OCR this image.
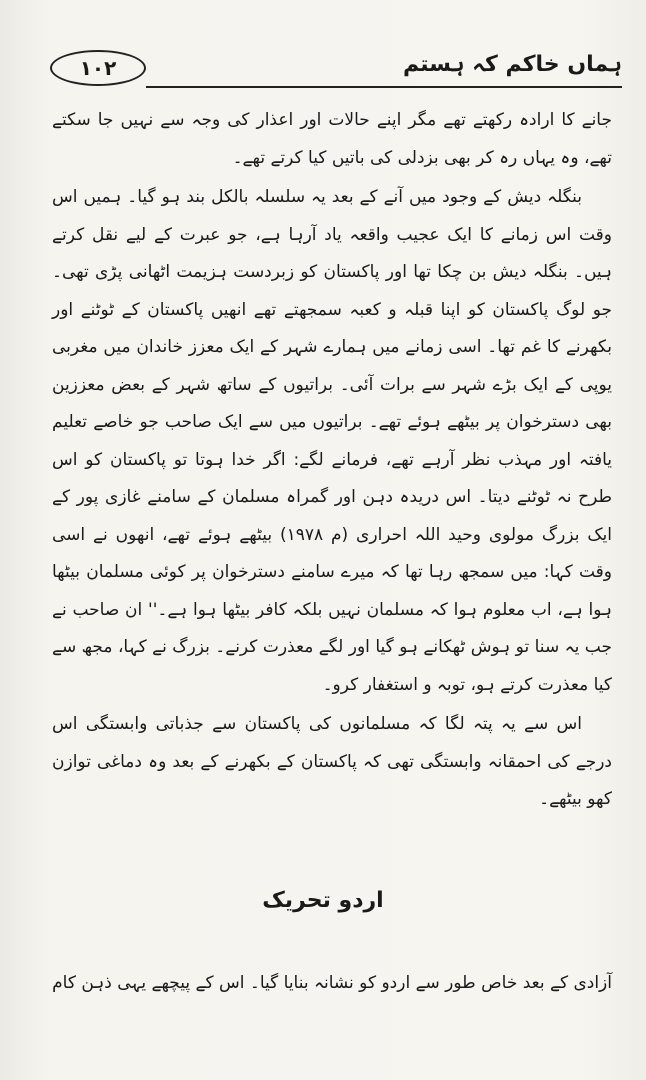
۱۰۲	ہماں خاکم کہ ہستم

جانے کا ارادہ رکھتے تھے مگر اپنے حالات اور اعذار کی وجہ سے نہیں جا سکتے تھے، وہ یہاں رہ کر بھی بزدلی کی باتیں کیا کرتے تھے۔

بنگلہ دیش کے وجود میں آنے کے بعد یہ سلسلہ بالکل بند ہو گیا۔ ہمیں اس وقت اس زمانے کا ایک عجیب واقعہ یاد آرہا ہے، جو عبرت کے لیے نقل کرتے ہیں۔ بنگلہ دیش بن چکا تھا اور پاکستان کو زبردست ہزیمت اٹھانی پڑی تھی۔ جو لوگ پاکستان کو اپنا قبلہ و کعبہ سمجھتے تھے انھیں پاکستان کے ٹوٹنے اور بکھرنے کا غم تھا۔ اسی زمانے میں ہمارے شہر کے ایک معزز خاندان میں مغربی یوپی کے ایک بڑے شہر سے برات آئی۔ براتیوں کے ساتھ شہر کے بعض معززین بھی دسترخوان پر بیٹھے ہوئے تھے۔ براتیوں میں سے ایک صاحب جو خاصے تعلیم یافتہ اور مہذب نظر آرہے تھے، فرمانے لگے: اگر خدا ہوتا تو پاکستان کو اس طرح نہ ٹوٹنے دیتا۔ اس دریدہ دہن اور گمراہ مسلمان کے سامنے غازی پور کے ایک بزرگ مولوی وحید اللہ احراری (م ۱۹۷۸) بیٹھے ہوئے تھے، انھوں نے اسی وقت کہا: میں سمجھ رہا تھا کہ میرے سامنے دسترخوان پر کوئی مسلمان بیٹھا ہوا ہے، اب معلوم ہوا کہ مسلمان نہیں بلکہ کافر بیٹھا ہوا ہے۔'' ان صاحب نے جب یہ سنا تو ہوش ٹھکانے ہو گیا اور لگے معذرت کرنے۔ بزرگ نے کہا، مجھ سے کیا معذرت کرتے ہو، توبہ و استغفار کرو۔

اس سے یہ پتہ لگا کہ مسلمانوں کی پاکستان سے جذباتی وابستگی اس درجے کی احمقانہ وابستگی تھی کہ پاکستان کے بکھرنے کے بعد وہ دماغی توازن کھو بیٹھے۔

اردو تحریک
آزادی کے بعد خاص طور سے اردو کو نشانہ بنایا گیا۔ اس کے پیچھے یہی ذہن کام
